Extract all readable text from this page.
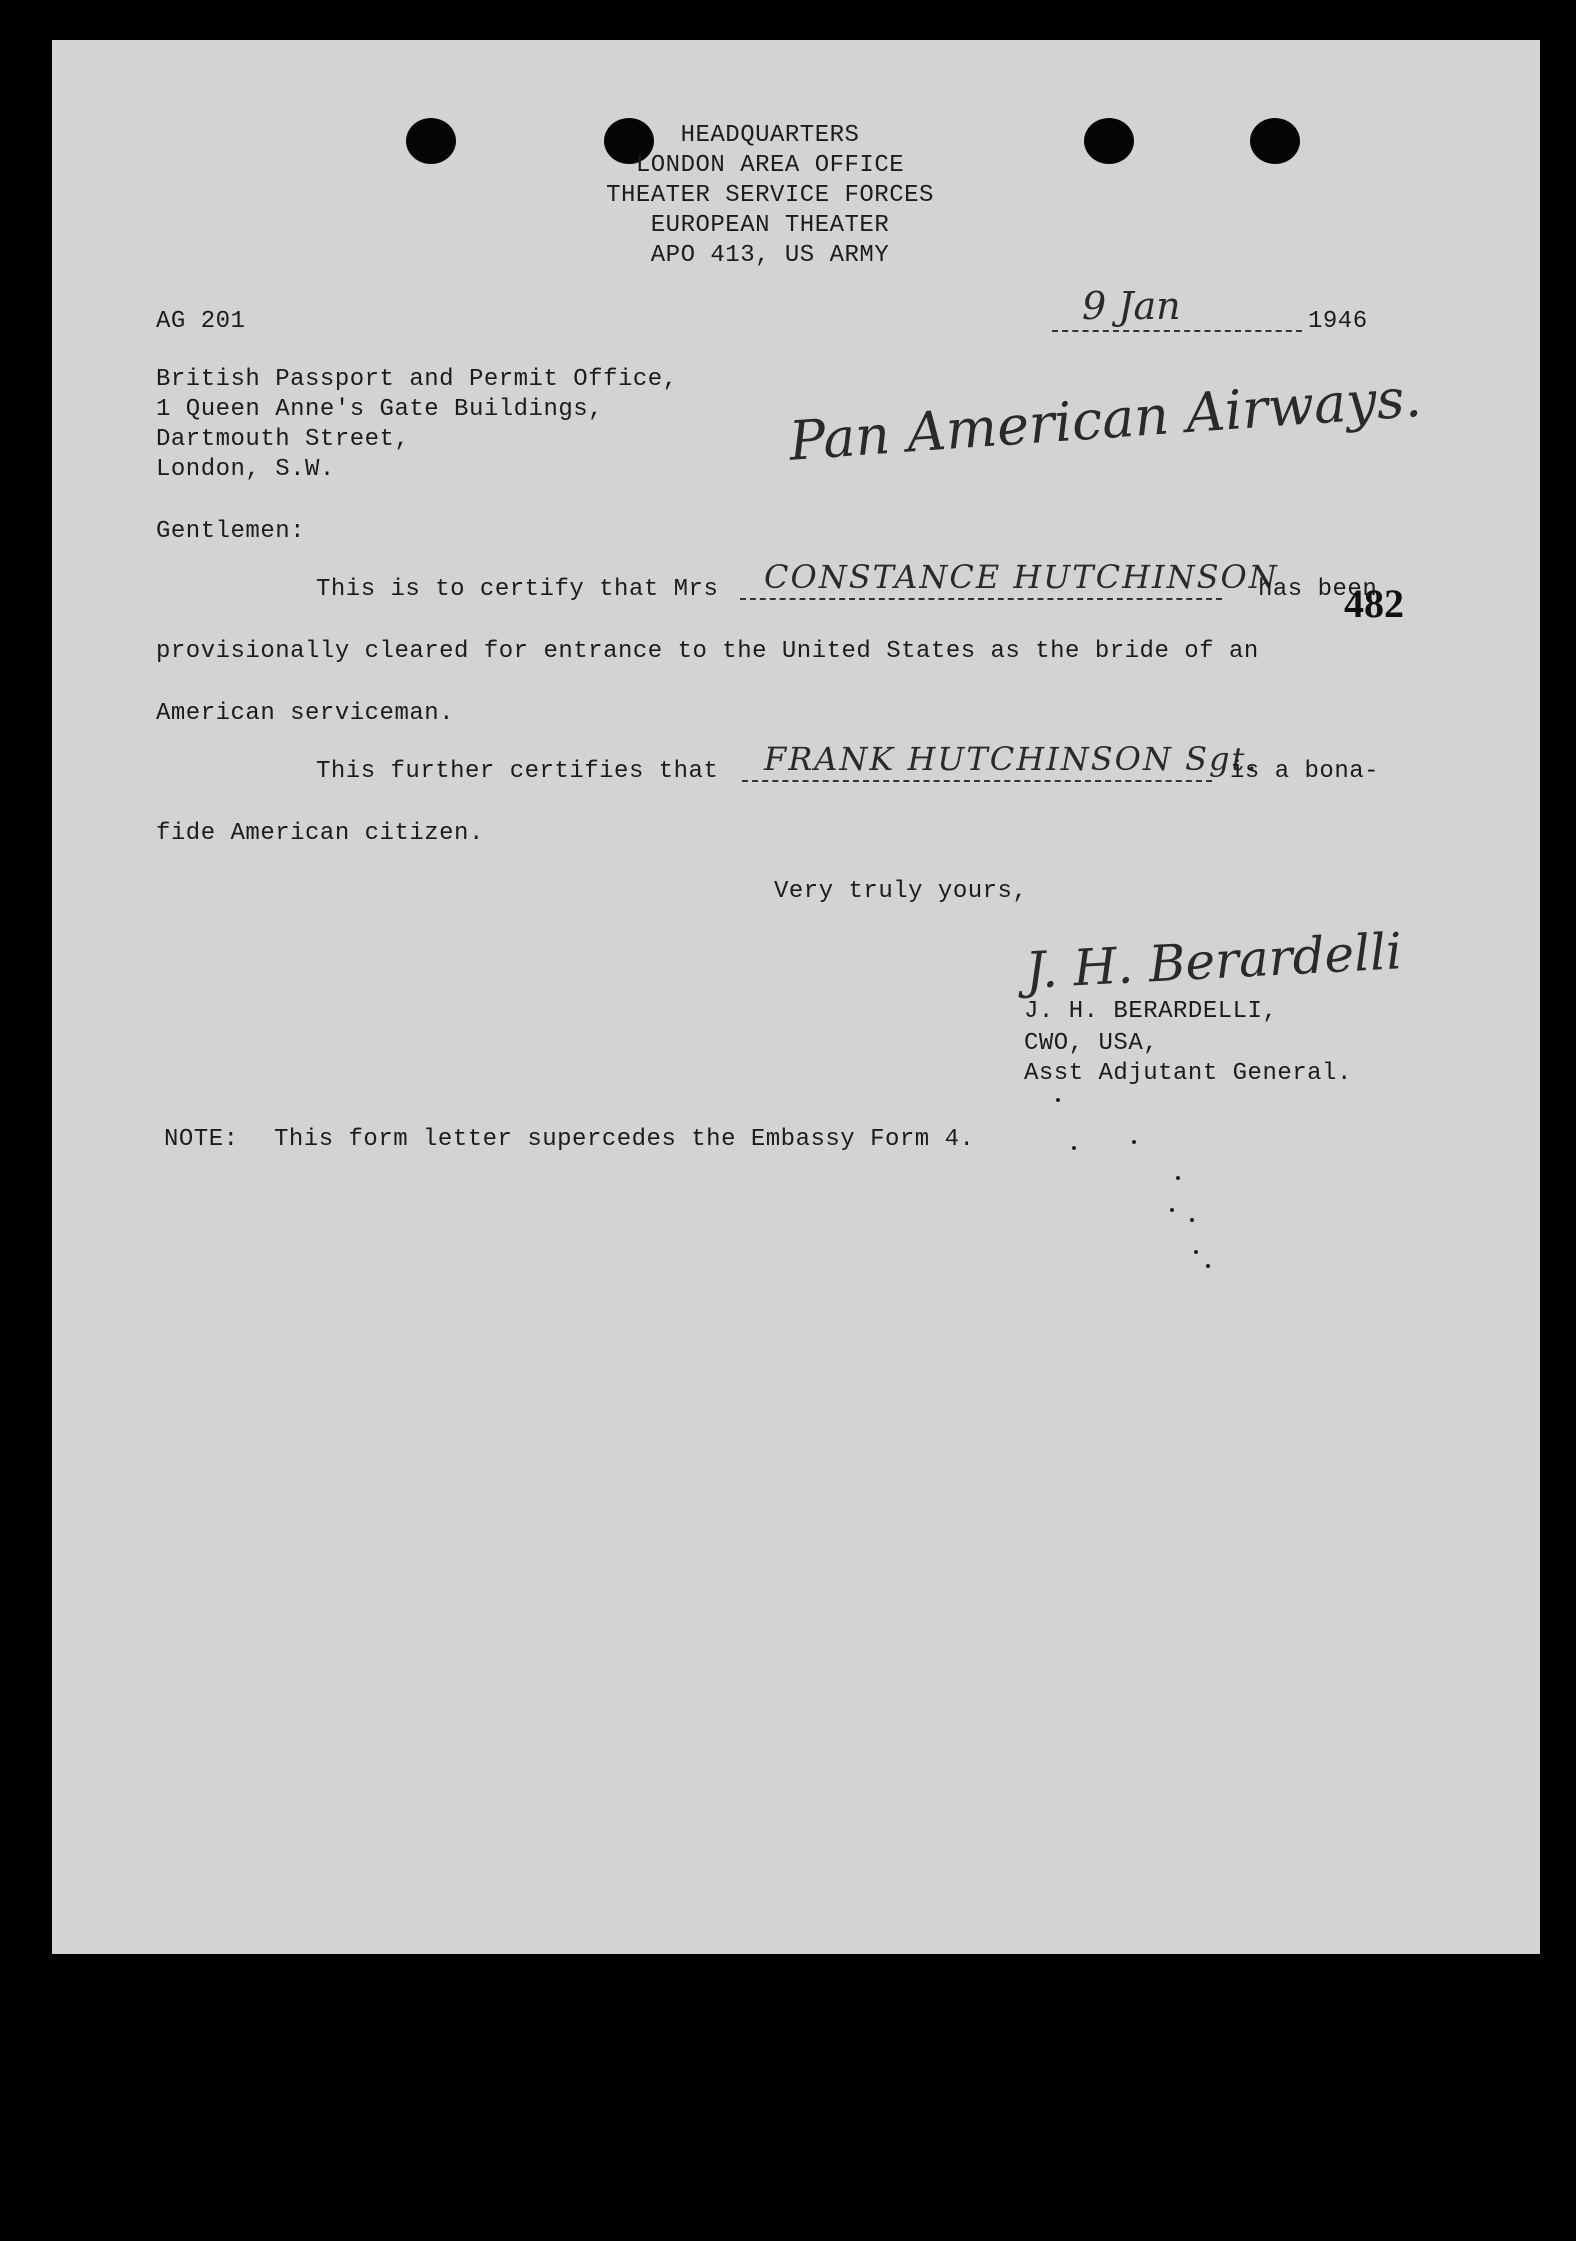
HEADQUARTERS
LONDON AREA OFFICE
THEATER SERVICE FORCES
EUROPEAN THEATER
APO 413, US ARMY
AG 201	9 Jan	1946
British Passport and Permit Office,
1 Queen Anne's Gate Buildings,
Dartmouth Street,
London, S.W.	Pan American Airways.
Gentlemen:
This is to certify that Mrs CONSTANCE HUTCHINSON
has been
482
provisionally cleared for entrance to the United States as the bride of an
American serviceman.
This further certifies that FRANK HUTCHINSON Sgt.
is a bona-
fide American citizen.
Very truly yours,
J. H. Berardelli
J. H. BERARDELLI,
CWO, USA,
Asst Adjutant General.
NOTE: This form letter supercedes the Embassy Form 4.
